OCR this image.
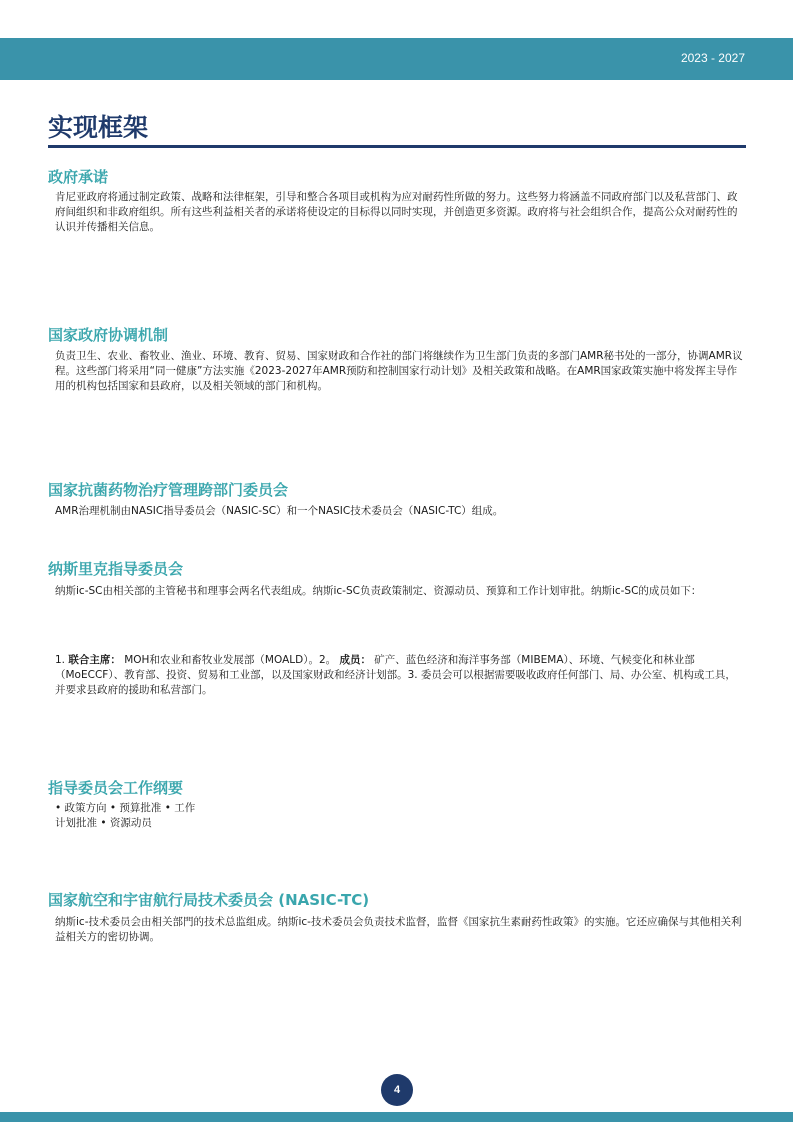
2023 - 2027
实现框架
政府承诺

肯尼亚政府将通过制定政策、战略和法律框架，引导和整合各项目或机构为应对耐药性所做的努力。这些努力将涵盖不同政府部门以及私营部门、政府间组织和非政府组织。所有这些利益相关者的承诺将使设定的目标得以同时实现，并创造更多资源。政府将与社会组织合作，提高公众对耐药性的认识并传播相关信息。

国家政府协调机制

负责卫生、农业、畜牧业、渔业、环境、教育、贸易、国家财政和合作社的部门将继续作为卫生部门负责的多部门AMR秘书处的一部分，协调AMR议程。这些部门将采用“同一健康”方法实施《2023-2027年AMR预防和控制国家行动计划》及相关政策和战略。在AMR国家政策实施中将发挥主导作用的机构包括国家和县政府，以及相关领域的部门和机构。

国家抗菌药物治疗管理跨部门委员会

AMR治理机制由NASIC指导委员会（NASIC-SC）和一个NASIC技术委员会（NASIC-TC）组成。

纳斯里克指导委员会

纳斯ic-SC由相关部的主管秘书和理事会两名代表组成。纳斯ic-SC负责政策制定、资源动员、预算和工作计划审批。纳斯ic-SC的成员如下：

1. 联合主席： MOH和农业和畜牧业发展部（MOALD）。2。 成员： 矿产、蓝色经济和海洋事务部（MIBEMA）、环境、气候变化和林业部（MoECCF）、教育部、投资、贸易和工业部，以及国家财政和经济计划部。3. 委员会可以根据需要吸收政府任何部门、局、办公室、机构或工具，并要求县政府的援助和私营部门。

指导委员会工作纲要
• 政策方向 • 预算批准 • 工作
计划批准 • 资源动员
国家航空和宇宙航行局技术委员会 (NASIC-TC)

纳斯ic-技术委员会由相关部門的技术总监组成。纳斯ic-技术委员会负责技术监督，监督《国家抗生素耐药性政策》的实施。它还应确保与其他相关利益相关方的密切协调。

4
